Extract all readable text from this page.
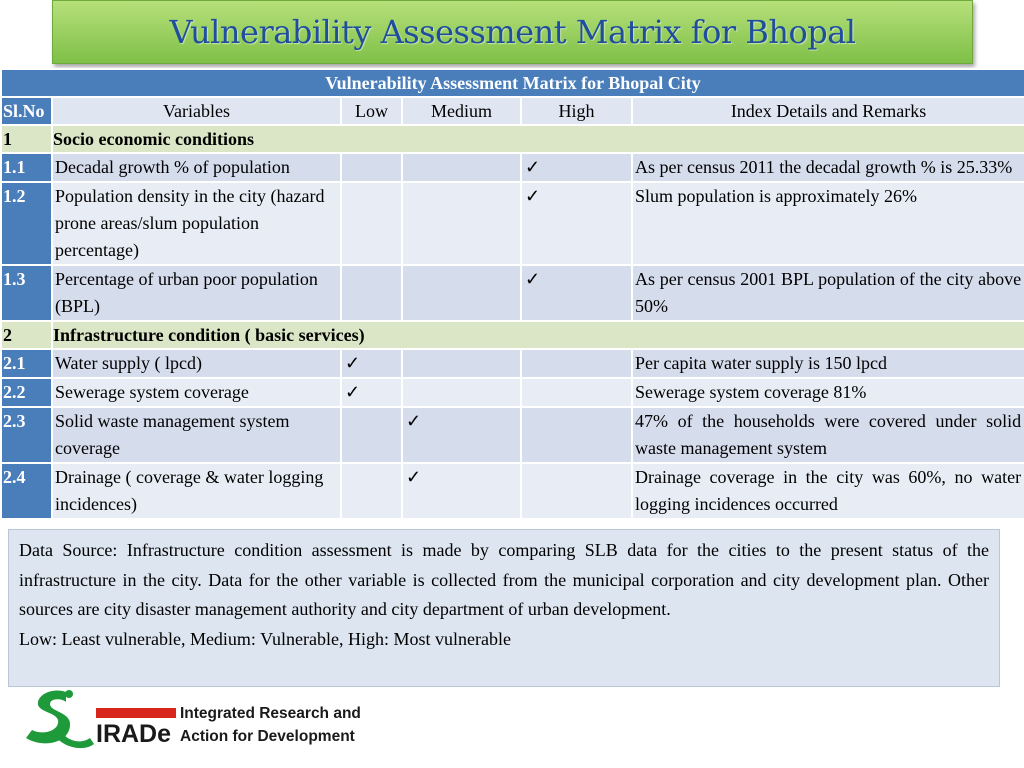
Vulnerability Assessment Matrix for Bhopal
Vulnerability Assessment Matrix for Bhopal City					
Sl.No	Variables	Low	Medium	High	Index Details and Remarks
1	Socio economic conditions				
1.1	Decadal growth % of population			✓	As per census 2011 the decadal growth % is 25.33%
1.2	Population density in the city (hazard prone areas/slum population percentage)			✓	Slum population is approximately 26%
1.3	Percentage of urban poor population (BPL)			✓	As per census 2001 BPL population of the city above 50%
2	Infrastructure condition ( basic services)				
2.1	Water supply ( lpcd)	✓			Per capita water supply is 150 lpcd
2.2	Sewerage system coverage	✓			Sewerage system coverage 81%
2.3	Solid waste management system coverage		✓		47% of the households were covered under solid waste management system
2.4	Drainage ( coverage & water logging incidences)		✓		Drainage coverage in the city was 60%, no water logging incidences occurred

Data Source: Infrastructure condition assessment is made by comparing SLB data for the cities to the present status of the infrastructure in the city. Data for the other variable is collected from the municipal corporation and city development plan. Other sources are city disaster management authority and city department of urban development.

Low: Least vulnerable, Medium: Vulnerable, High: Most vulnerable
IRADe
Integrated Research and
Action for Development
